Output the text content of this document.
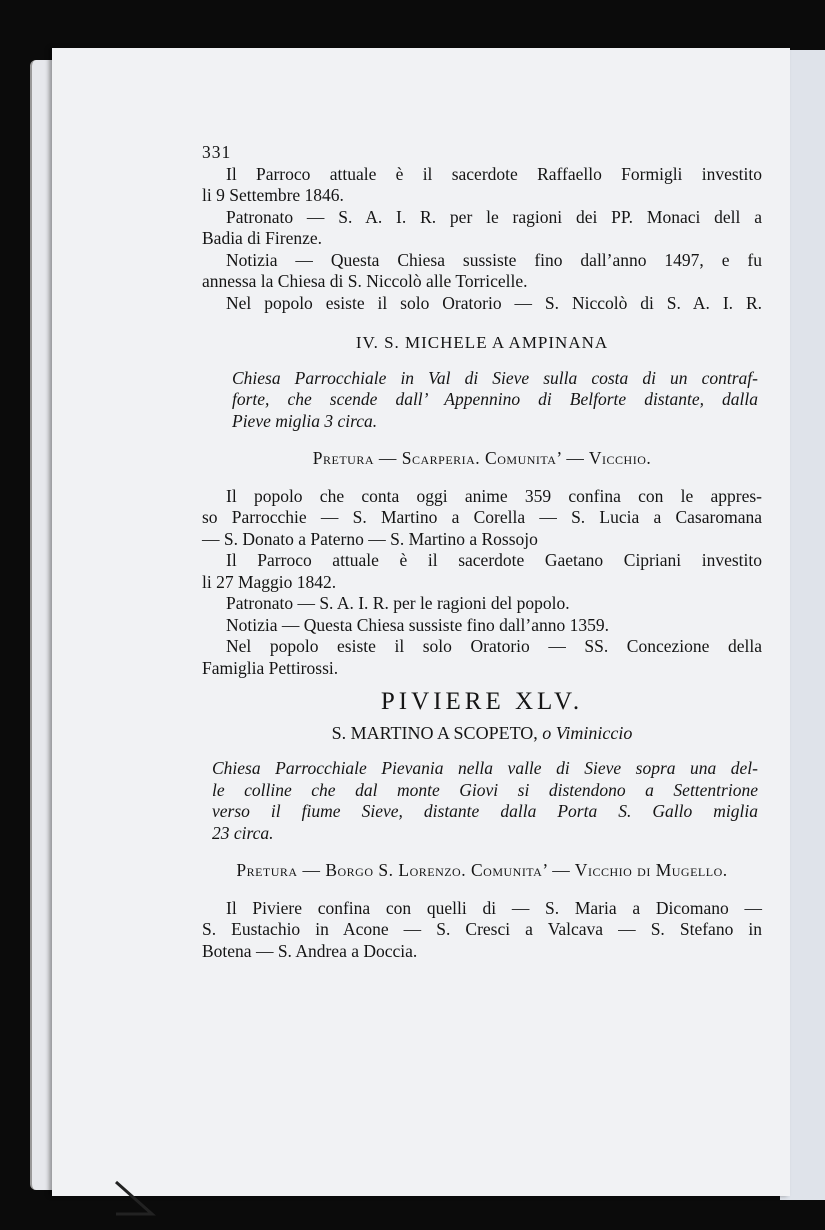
331

Il Parroco attuale è il sacerdote Raffaello Formigli investito

li 9 Settembre 1846.

Patronato — S. A. I. R. per le ragioni dei PP. Monaci dell a

Badia di Firenze.

Notizia — Questa Chiesa sussiste fino dall’anno 1497, e fu

annessa la Chiesa di S. Niccolò alle Torricelle.

Nel popolo esiste il solo Oratorio — S. Niccolò di S. A. I. R.

IV. S. MICHELE A AMPINANA

Chiesa Parrocchiale in Val di Sieve sulla costa di un contraf-

forte, che scende dall’ Appennino di Belforte distante, dalla

Pieve miglia 3 circa.

Pretura — Scarperia. Comunita’ — Vicchio.

Il popolo che conta oggi anime 359 confina con le appres-

so Parrocchie — S. Martino a Corella — S. Lucia a Casaromana

— S. Donato a Paterno — S. Martino a Rossojo

Il Parroco attuale è il sacerdote Gaetano Cipriani investito

li 27 Maggio 1842.

Patronato — S. A. I. R. per le ragioni del popolo.

Notizia — Questa Chiesa sussiste fino dall’anno 1359.

Nel popolo esiste il solo Oratorio — SS. Concezione della

Famiglia Pettirossi.

PIVIERE XLV.

S. MARTINO A SCOPETO, o Viminiccio

Chiesa Parrocchiale Pievania nella valle di Sieve sopra una del-

le colline che dal monte Giovi si distendono a Settentrione

verso il fiume Sieve, distante dalla Porta S. Gallo miglia

23 circa.

Pretura — Borgo S. Lorenzo. Comunita’ — Vicchio di Mugello.

Il Piviere confina con quelli di — S. Maria a Dicomano —

S. Eustachio in Acone — S. Cresci a Valcava — S. Stefano in

Botena — S. Andrea a Doccia.
